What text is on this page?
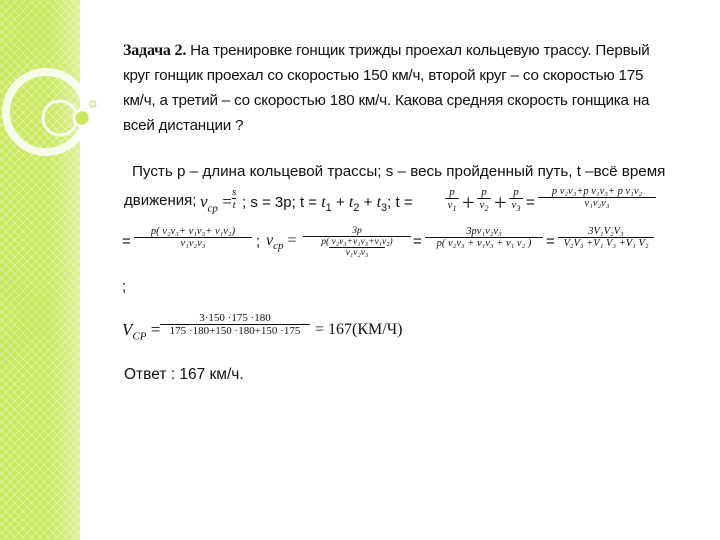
Задача 2. На тренировке гонщик трижды проехал кольцевую трассу. Первый круг гонщик проехал со скоростью 150 км/ч, второй круг – со скоростью 175 км/ч, а третий – со скоростью 180 км/ч. Какова средняя скорость гонщика на всей дистанции ?
Пусть р – длина кольцевой трассы; s – весь пройденный путь, t –всё время
движения; $v_{cp} = s$
t ; s = 3p; $t = t_1 + t_2 + t_3$; t =
p
$v_1 + p$
$v_2 + p$
$v_3$ =
p v₂v₃+p v₁v₃+ p v₁v₂
v₁v₂v₃
=
p( v₂v₃+ v₁v₃+ v₁v₂)
v₁v₂v₃	; $v_{cp}$ =
3p
p( v₂v₃+v₁v₃+v₁v₂)
v₁v₂v₃
=
3pv₁v₂v₃
p( v₂v₃ + v₁v₃ + v₁ v₂ ) =
3V₁V₂V₃
V₂V₃ +V₁ V₃ +V₁ V₂
;
$V_{CP}$ =
3·150 ·175 ·180
175 ·180+150 ·180+150 ·175 = 167(КМ/Ч)
Ответ : 167 км/ч.
